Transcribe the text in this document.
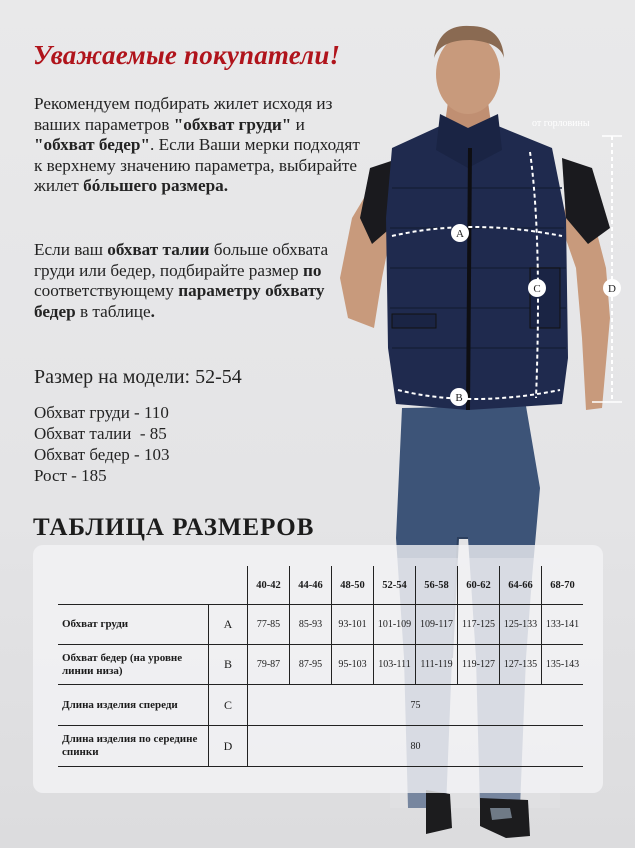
A
B
C	D
от горловины
Уважаемые покупатели!

Рекомендуем подбирать жилет исходя из ваших параметров "обхват груди" и "обхват бедер". Если Ваши мерки подходят к верхнему значению параметра, выбирайте жилет бóльшего размера.

Если ваш обхват талии больше обхвата груди или бедер, подбирайте размер по соответствующему параметру обхвату бедер в таблице.

Размер на модели: 52-54

Обхват груди - 110
Обхват талии  - 85
Обхват бедер - 103
Рост - 185
ТАБЛИЦА РАЗМЕРОВ
		40-42	44-46	48-50	52-54	56-58	60-62	64-66	68-70
Обхват груди	A	77-85	85-93	93-101	101-109	109-117	117-125	125-133	133-141
Обхват бедер (на уровне линии низа)	B	79-87	87-95	95-103	103-111	111-119	119-127	127-135	135-143
Длина изделия спереди	C	75							
Длина изделия по середине спинки	D	80							
